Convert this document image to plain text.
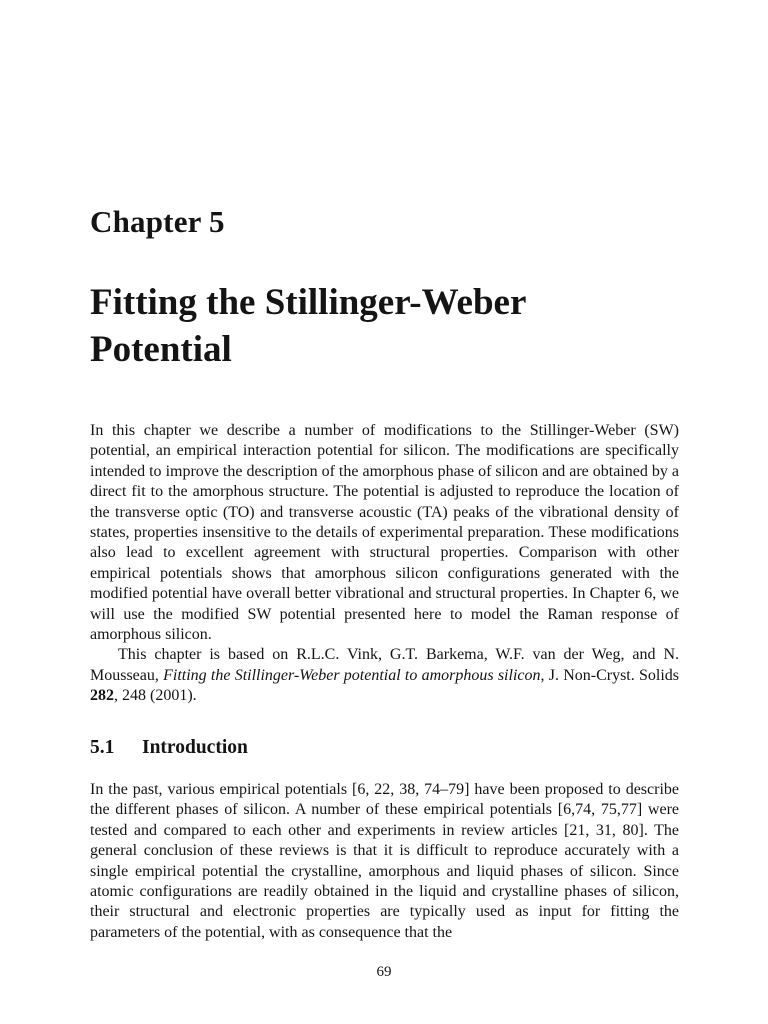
Chapter 5
Fitting the Stillinger-Weber
Potential

In this chapter we describe a number of modifications to the Stillinger-Weber (SW) potential, an empirical interaction potential for silicon. The modifications are specifically intended to improve the description of the amorphous phase of silicon and are obtained by a direct fit to the amorphous structure. The potential is adjusted to reproduce the location of the transverse optic (TO) and transverse acoustic (TA) peaks of the vibrational density of states, properties insensitive to the details of experimental preparation. These modifications also lead to excellent agreement with structural properties. Comparison with other empirical potentials shows that amorphous silicon configurations generated with the modified potential have overall better vibrational and structural properties. In Chapter 6, we will use the modified SW potential presented here to model the Raman response of amorphous silicon.

This chapter is based on R.L.C. Vink, G.T. Barkema, W.F. van der Weg, and N. Mousseau, Fitting the Stillinger-Weber potential to amorphous silicon, J. Non-Cryst. Solids 282, 248 (2001).

5.1 Introduction

In the past, various empirical potentials [6, 22, 38, 74–79] have been proposed to describe the different phases of silicon. A number of these empirical potentials [6,74, 75,77] were tested and compared to each other and experiments in review articles [21, 31, 80]. The general conclusion of these reviews is that it is difficult to reproduce accurately with a single empirical potential the crystalline, amorphous and liquid phases of silicon. Since atomic configurations are readily obtained in the liquid and crystalline phases of silicon, their structural and electronic properties are typically used as input for fitting the parameters of the potential, with as consequence that the

69
